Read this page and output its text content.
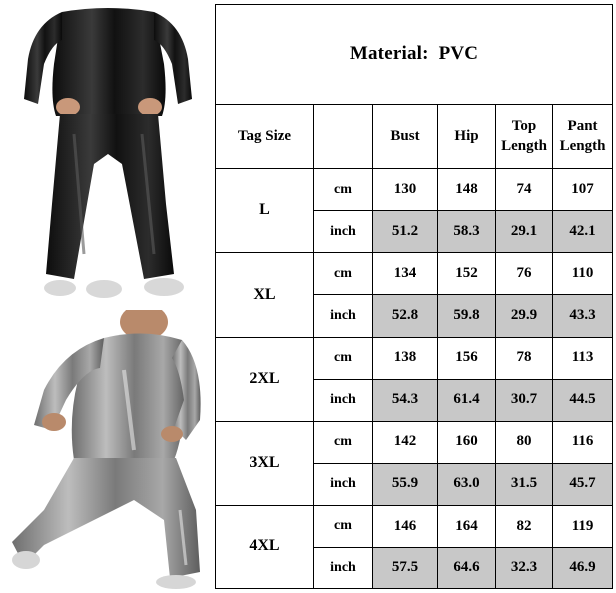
Material: PVC					
Tag Size		Bust	Hip	Top Length	Pant Length
L	cm	130	148	74	107
	inch	51.2	58.3	29.1	42.1
XL	cm	134	152	76	110
	inch	52.8	59.8	29.9	43.3
2XL	cm	138	156	78	113
	inch	54.3	61.4	30.7	44.5
3XL	cm	142	160	80	116
	inch	55.9	63.0	31.5	45.7
4XL	cm	146	164	82	119
	inch	57.5	64.6	32.3	46.9
